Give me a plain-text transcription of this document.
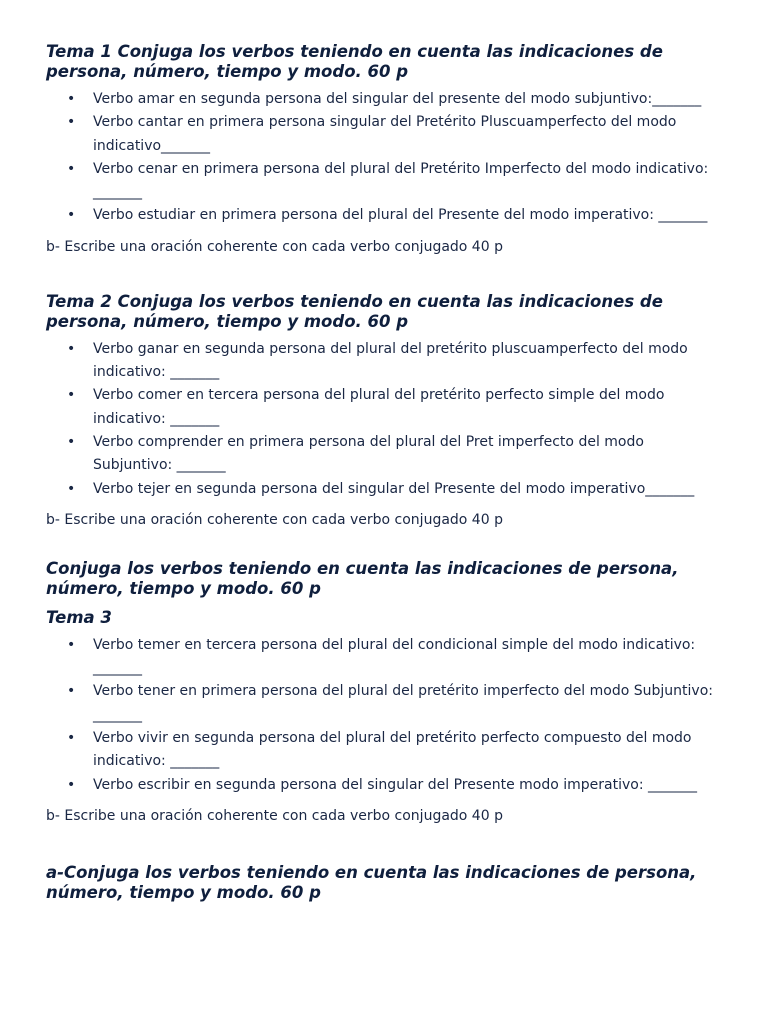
Tema 1 Conjuga los verbos teniendo en cuenta las indicaciones de persona, número, tiempo y modo. 60 p
• Verbo amar en segunda persona del singular del presente del modo subjuntivo:_______
• Verbo cantar en primera persona singular del Pretérito Pluscuamperfecto del modo indicativo_______
• Verbo cenar en primera persona del plural del Pretérito Imperfecto del modo indicativo: _______
• Verbo estudiar en primera persona del plural del Presente del modo imperativo: _______

b- Escribe una oración coherente con cada verbo conjugado 40 p

Tema 2 Conjuga los verbos teniendo en cuenta las indicaciones de persona, número, tiempo y modo. 60 p
• Verbo ganar en segunda persona del plural del pretérito pluscuamperfecto del modo indicativo: _______
• Verbo comer en tercera persona del plural del pretérito perfecto simple del modo indicativo: _______
• Verbo comprender en primera persona del plural del Pret imperfecto del modo Subjuntivo: _______
• Verbo tejer en segunda persona del singular del Presente del modo imperativo_______

b- Escribe una oración coherente con cada verbo conjugado 40 p

Conjuga los verbos teniendo en cuenta las indicaciones de persona, número, tiempo y modo. 60 p
Tema 3
• Verbo temer en tercera persona del plural del condicional simple del modo indicativo: _______
• Verbo tener en primera persona del plural del pretérito imperfecto del modo Subjuntivo: _______
• Verbo vivir en segunda persona del plural del pretérito perfecto compuesto del modo indicativo: _______
• Verbo escribir en segunda persona del singular del Presente modo imperativo: _______

b- Escribe una oración coherente con cada verbo conjugado 40 p

a-Conjuga los verbos teniendo en cuenta las indicaciones de persona, número, tiempo y modo. 60 p
